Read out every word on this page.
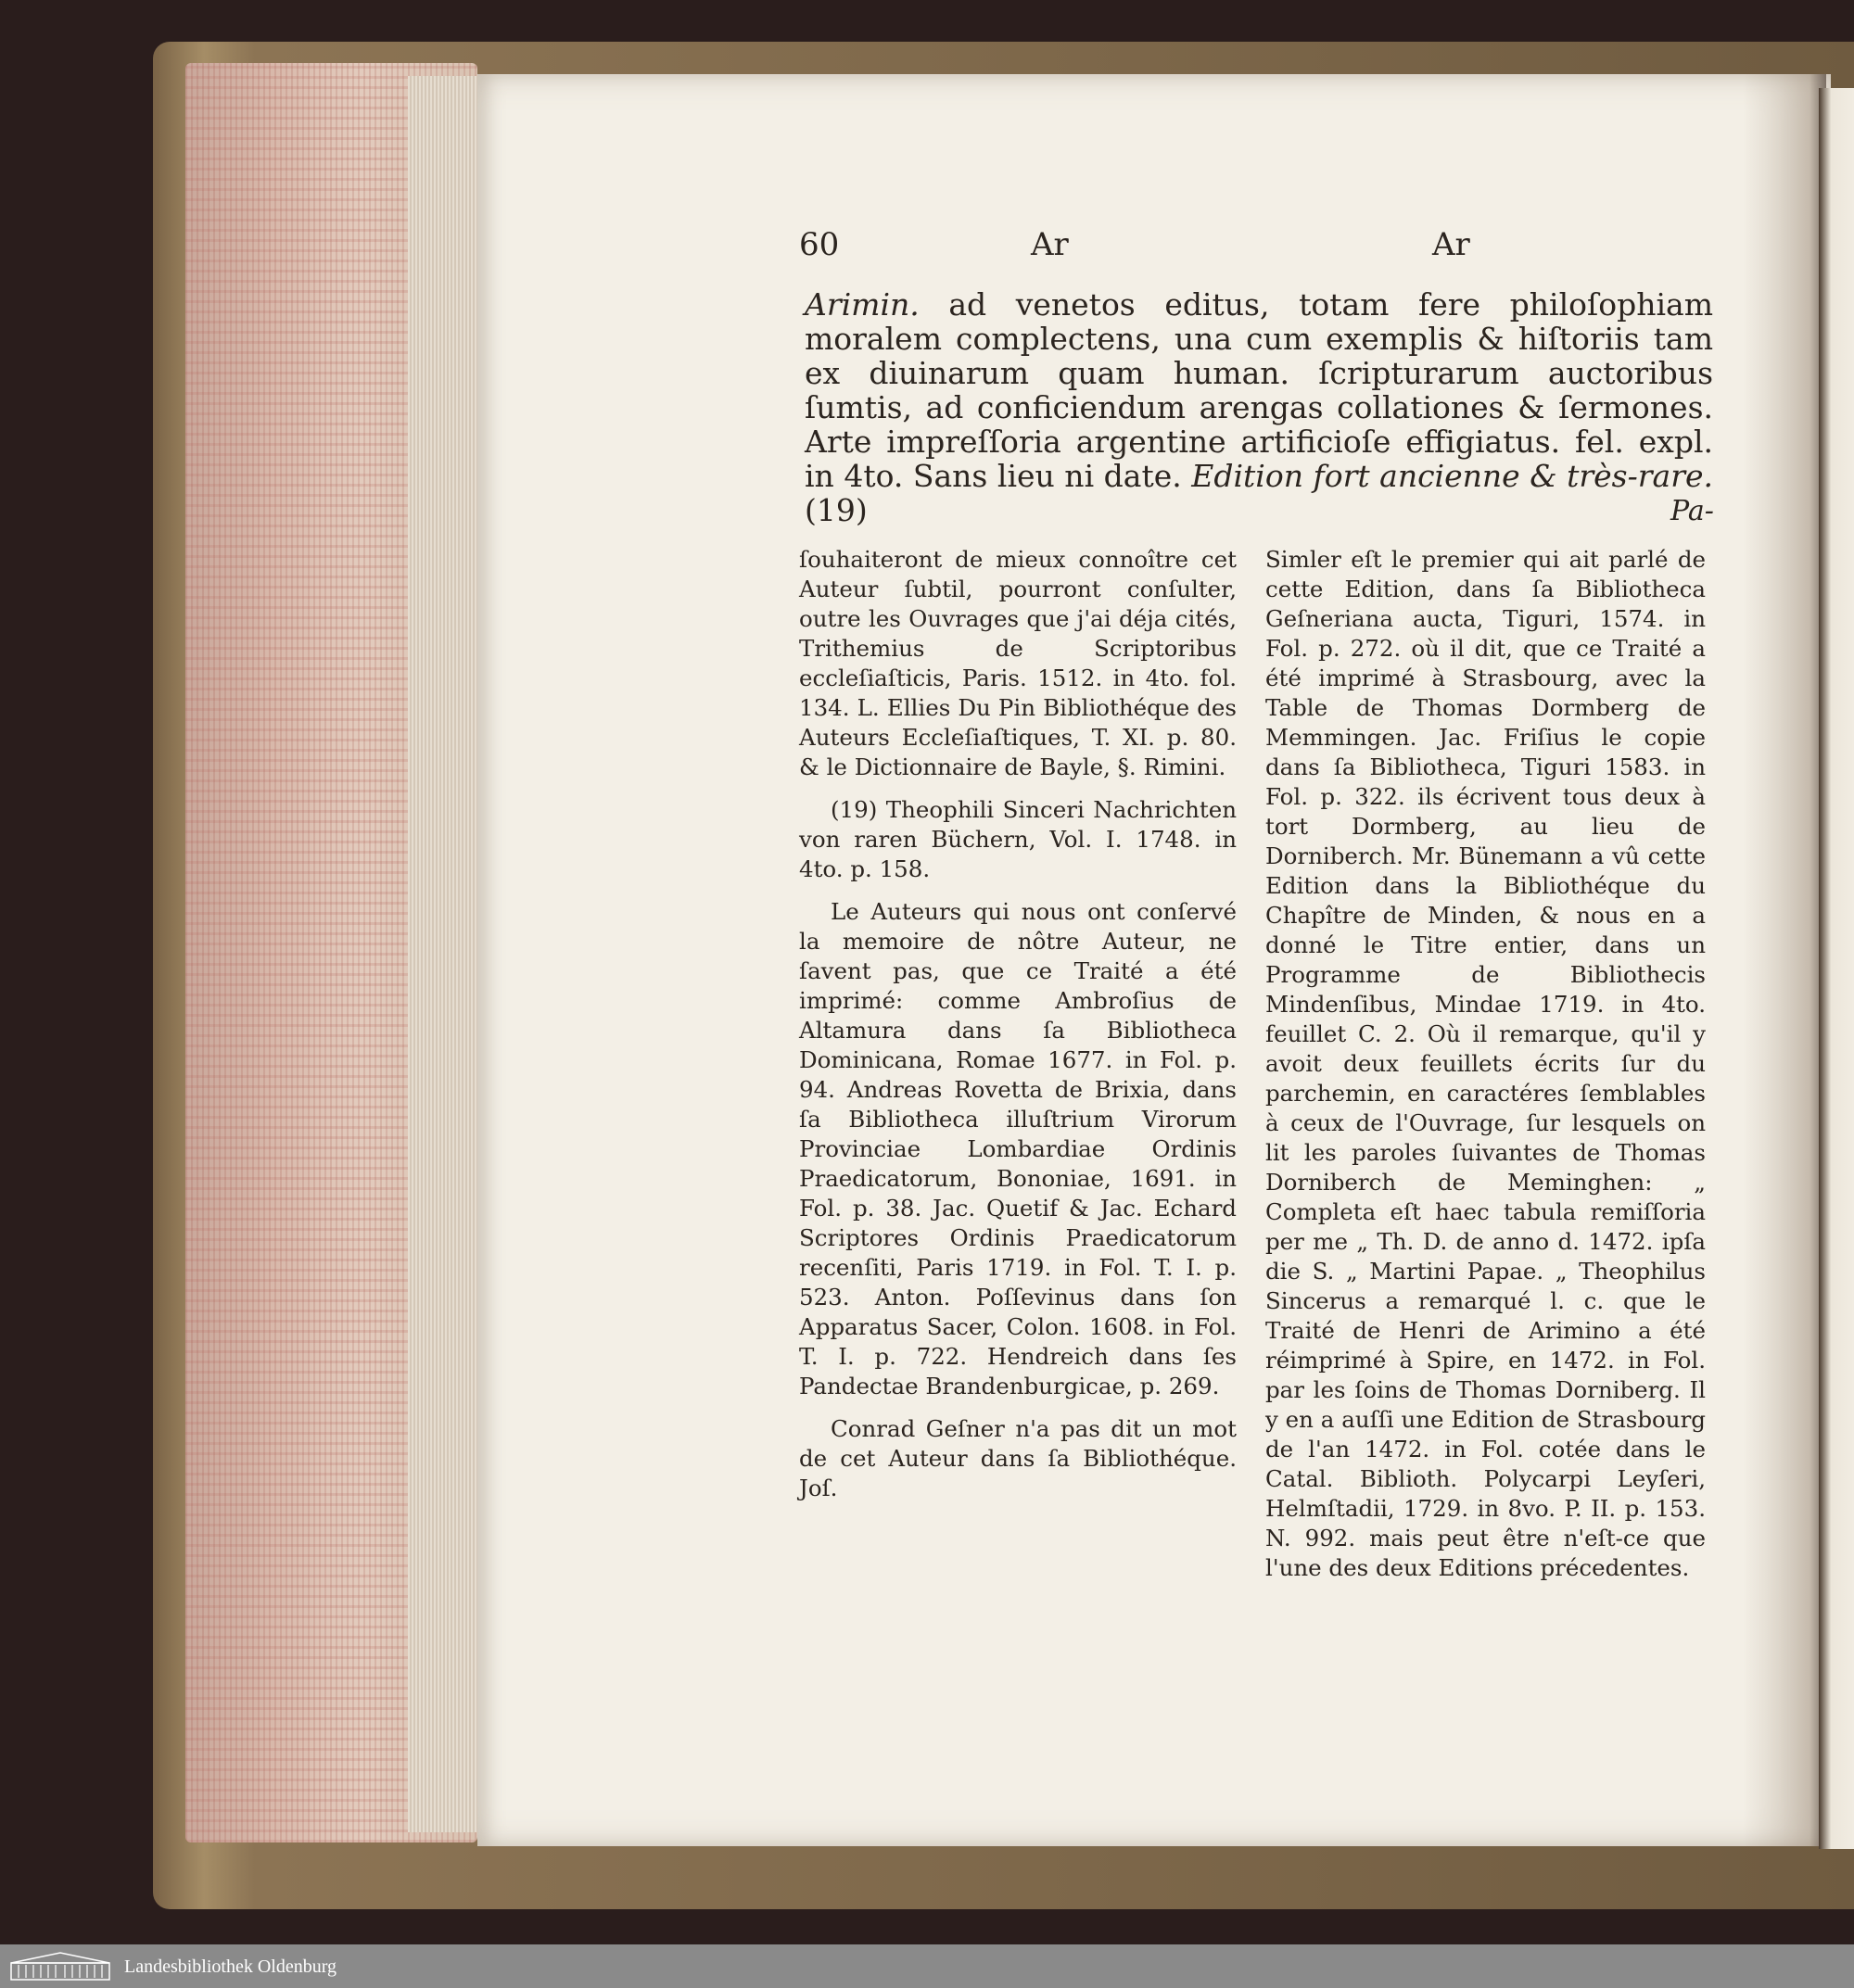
60	Ar	Ar
Arimin. ad venetos editus, totam fere philoſophiam moralem complectens, una cum exemplis & hiſtoriis tam ex diuinarum quam human. ſcripturarum auctoribus ſumtis, ad conficiendum arengas collationes & ſermones. Arte impreſſoria argentine artificioſe effigiatus. fel. expl. in 4to. Sans lieu ni date. Edition fort ancienne & très-rare. (19)	Pa-

ſouhaiteront de mieux connoître cet Auteur ſubtil, pourront conſulter, outre les Ouvrages que j'ai déja cités, Trithemius de Scriptoribus eccleſiaſticis, Paris. 1512. in 4to. fol. 134. L. Ellies Du Pin Bibliothéque des Auteurs Eccleſiaſtiques, T. XI. p. 80. & le Dictionnaire de Bayle, §. Rimini.

(19) Theophili Sinceri Nachrichten von raren Büchern, Vol. I. 1748. in 4to. p. 158.

Le Auteurs qui nous ont conſervé la memoire de nôtre Auteur, ne ſavent pas, que ce Traité a été imprimé: comme Ambroſius de Altamura dans ſa Bibliotheca Dominicana, Romae 1677. in Fol. p. 94. Andreas Rovetta de Brixia, dans ſa Bibliotheca illuſtrium Virorum Provinciae Lombardiae Ordinis Praedicatorum, Bononiae, 1691. in Fol. p. 38. Jac. Quetif & Jac. Echard Scriptores Ordinis Praedicatorum recenſiti, Paris 1719. in Fol. T. I. p. 523. Anton. Poſſevinus dans ſon Apparatus Sacer, Colon. 1608. in Fol. T. I. p. 722. Hendreich dans ſes Pandectae Brandenburgicae, p. 269.

Conrad Geſner n'a pas dit un mot de cet Auteur dans ſa Bibliothéque. Joſ.

Simler eſt le premier qui ait parlé de cette Edition, dans ſa Bibliotheca Geſneriana aucta, Tiguri, 1574. in Fol. p. 272. où il dit, que ce Traité a été imprimé à Strasbourg, avec la Table de Thomas Dormberg de Memmingen. Jac. Friſius le copie dans ſa Bibliotheca, Tiguri 1583. in Fol. p. 322. ils écrivent tous deux à tort Dormberg, au lieu de Dorniberch. Mr. Bünemann a vû cette Edition dans la Bibliothéque du Chapître de Minden, & nous en a donné le Titre entier, dans un Programme de Bibliothecis Mindenſibus, Mindae 1719. in 4to. feuillet C. 2. Où il remarque, qu'il y avoit deux feuillets écrits ſur du parchemin, en caractéres ſemblables à ceux de l'Ouvrage, ſur lesquels on lit les paroles ſuivantes de Thomas Dorniberch de Meminghen: „ Completa eſt haec tabula remiſſoria per me „ Th. D. de anno d. 1472. ipſa die S. „ Martini Papae. „ Theophilus Sincerus a remarqué l. c. que le Traité de Henri de Arimino a été réimprimé à Spire, en 1472. in Fol. par les ſoins de Thomas Dorniberg. Il y en a auſſi une Edition de Strasbourg de l'an 1472. in Fol. cotée dans le Catal. Biblioth. Polycarpi Leyſeri, Helmſtadii, 1729. in 8vo. P. II. p. 153. N. 992. mais peut être n'eſt-ce que l'une des deux Editions précedentes.

Landesbibliothek Oldenburg
